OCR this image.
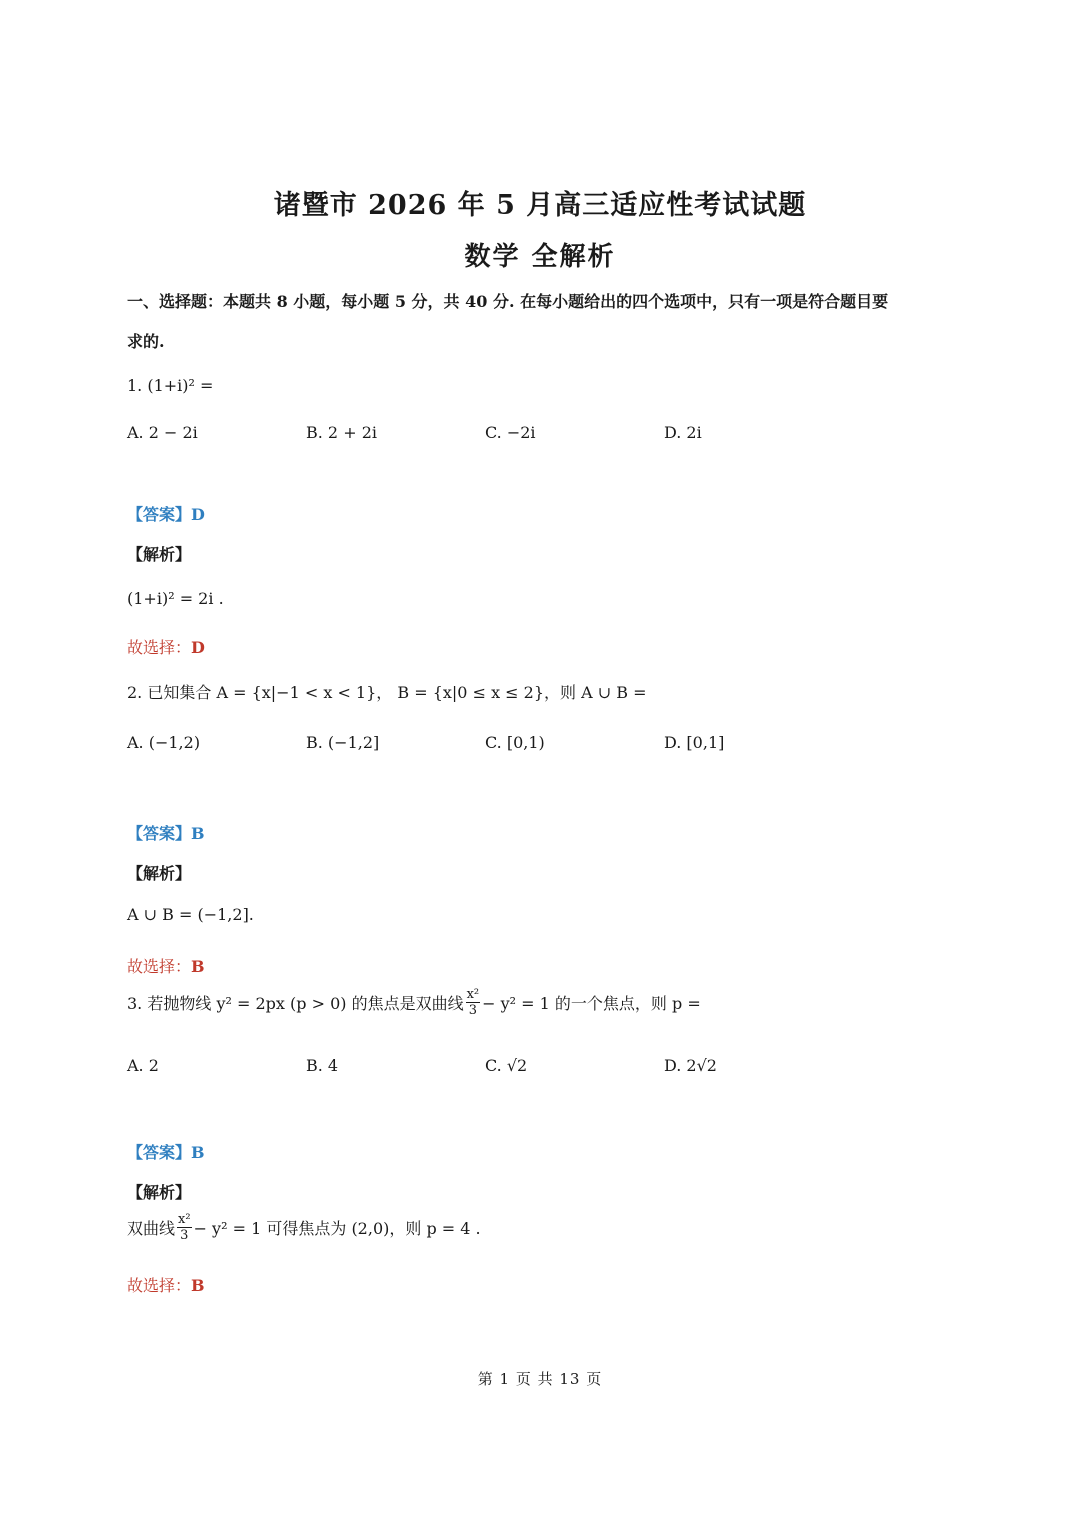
诸暨市 2026 年 5 月高三适应性考试试题
数学 全解析
一、选择题：本题共 8 小题，每小题 5 分，共 40 分. 在每小题给出的四个选项中，只有一项是符合题目要
求的.
1. (1+i)² =
A. 2 − 2i	B. 2 + 2i	C. −2i	D. 2i
【答案】D
【解析】
(1+i)² = 2i .
故选择：D
2. 已知集合 A = {x|−1 < x < 1}， B = {x|0 ≤ x ≤ 2}，则 A ∪ B =
A. (−1,2)	B. (−1,2]	C. [0,1)	D. [0,1]
【答案】B
【解析】
A ∪ B = (−1,2].
故选择：B
3. 若抛物线 y² = 2px (p > 0) 的焦点是双曲线 $\frac{\text{x²}}{3} - y^2 = 1$ 的一个焦点，则 p =
A. 2	B. 4	C. √2	D. 2√2
【答案】B
【解析】
双曲线 $\frac{\text{x²}}{3} - y^2 = 1$ 可得焦点为 (2,0)，则 p = 4 .
故选择：B
第 1 页 共 13 页
